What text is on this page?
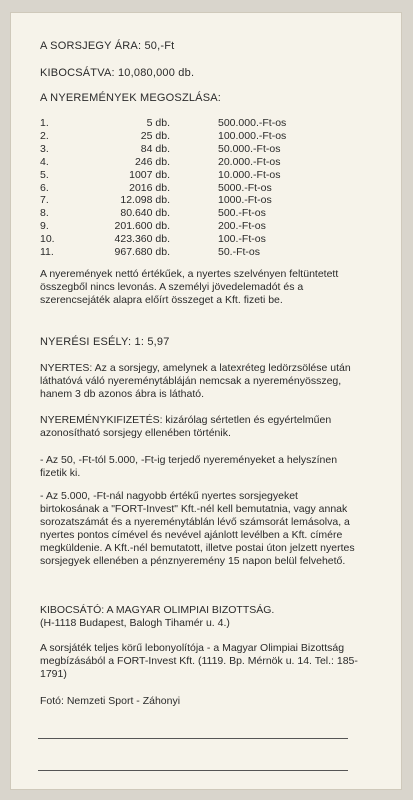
A SORSJEGY ÁRA: 50,-Ft
KIBOCSÁTVA: 10,080,000 db.
A NYEREMÉNYEK MEGOSZLÁSA:
1.	5 db.	500.000.-Ft-os
2.	25 db.	100.000.-Ft-os
3.	84 db.	50.000.-Ft-os
4.	246 db.	20.000.-Ft-os
5.	1007 db.	10.000.-Ft-os
6.	2016 db.	5000.-Ft-os
7.	12.098 db.	1000.-Ft-os
8.	80.640 db.	500.-Ft-os
9.	201.600 db.	200.-Ft-os
10.	423.360 db.	100.-Ft-os
11.	967.680 db.	50.-Ft-os
A nyeremények nettó értékűek, a nyertes szelvényen feltüntetett összegből nincs levonás. A személyi jövedelemadót és a szerencsejáték alapra előírt összeget a Kft. fizeti be.
NYERÉSI ESÉLY: 1: 5,97
NYERTES: Az a sorsjegy, amelynek a latexréteg ledörzsölése után láthatóvá váló nyereménytábláján nemcsak a nyereményösszeg, hanem 3 db azonos ábra is látható.
NYEREMÉNYKIFIZETÉS: kizárólag sértetlen és egyértelműen azonosítható sorsjegy ellenében történik.
- Az 50, -Ft-tól 5.000, -Ft-ig terjedő nyereményeket a helyszínen fizetik ki.
- Az 5.000, -Ft-nál nagyobb értékű nyertes sorsjegyeket birtokosának a "FORT-Invest" Kft.-nél kell bemutatnia, vagy annak sorozatszámát és a nyereménytáblán lévő számsorát lemásolva, a nyertes pontos címével és nevével ajánlott levélben a Kft. címére megküldenie. A Kft.-nél bemutatott, illetve postai úton jelzett nyertes sorsjegyek ellenében a pénznyeremény 15 napon belül felvehető.
KIBOCSÁTÓ: A MAGYAR OLIMPIAI BIZOTTSÁG.
(H-1118 Budapest, Balogh Tihamér u. 4.)
A sorsjáték teljes körű lebonyolítója - a Magyar Olimpiai Bizottság megbízásából a FORT-Invest Kft. (1119. Bp. Mérnök u. 14. Tel.: 185-1791)
Fotó: Nemzeti Sport - Záhonyi
